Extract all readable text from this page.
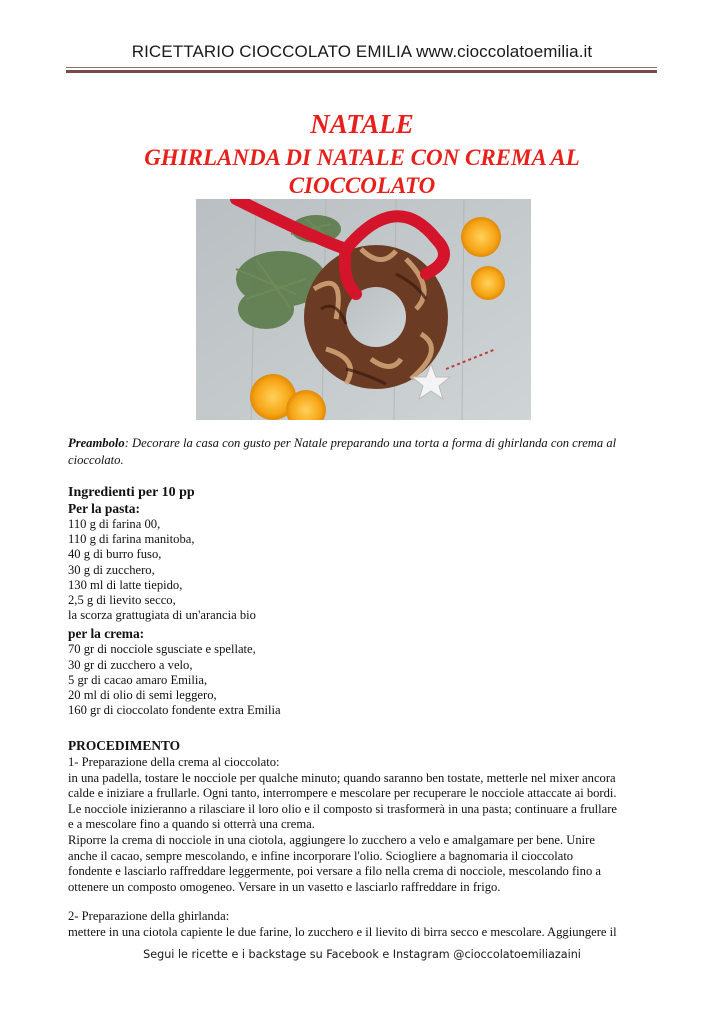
RICETTARIO CIOCCOLATO EMILIA www.cioccolatoemilia.it
NATALE
GHIRLANDA DI NATALE CON CREMA AL
CIOCCOLATO
Preambolo: Decorare la casa con gusto per Natale preparando una torta a forma di ghirlanda con crema al cioccolato.
Ingredienti per 10 pp
Per la pasta:
110 g di farina 00,
110 g di farina manitoba,
40 g di burro fuso,
30 g di zucchero,
130 ml di latte tiepido,
2,5 g di lievito secco,
la scorza grattugiata di un'arancia bio
per la crema:
70 gr di nocciole sgusciate e spellate,
30 gr di zucchero a velo,
5 gr di cacao amaro Emilia,
20 ml di olio di semi leggero,
160 gr di cioccolato fondente extra Emilia
PROCEDIMENTO
1- Preparazione della crema al cioccolato:
in una padella, tostare le nocciole per qualche minuto; quando saranno ben tostate, metterle nel mixer ancora
calde e iniziare a frullarle. Ogni tanto, interrompere e mescolare per recuperare le nocciole attaccate ai bordi.
Le nocciole inizieranno a rilasciare il loro olio e il composto si trasformerà in una pasta; continuare a frullare
e a mescolare fino a quando si otterrà una crema.
Riporre la crema di nocciole in una ciotola, aggiungere lo zucchero a velo e amalgamare per bene. Unire
anche il cacao, sempre mescolando, e infine incorporare l'olio. Sciogliere a bagnomaria il cioccolato
fondente e lasciarlo raffreddare leggermente, poi versare a filo nella crema di nocciole, mescolando fino a
ottenere un composto omogeneo. Versare in un vasetto e lasciarlo raffreddare in frigo.
2- Preparazione della ghirlanda:
mettere in una ciotola capiente le due farine, lo zucchero e il lievito di birra secco e mescolare. Aggiungere il
Segui le ricette e i backstage su Facebook e Instagram @cioccolatoemiliazaini
